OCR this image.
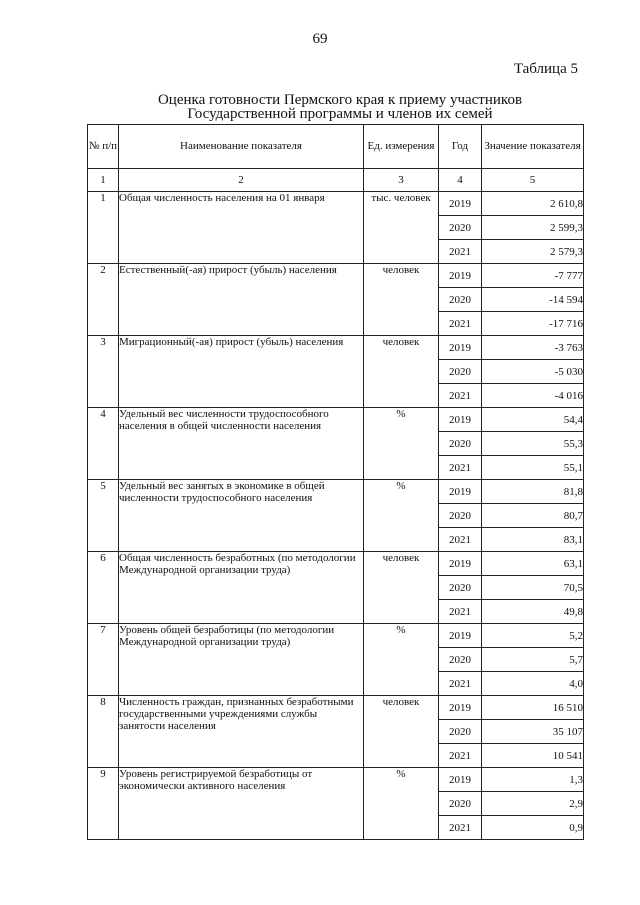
69
Таблица 5
Оценка готовности Пермского края к приему участников
Государственной программы и членов их семей
№ п/п	Наименование показателя	Ед. измерения	Год	Значение показателя
1	2	3	4	5
1	Общая численность населения на 01 января	тыс. человек	2019	2 610,8
			2020	2 599,3
			2021	2 579,3
2	Естественный(-ая) прирост (убыль) населения	человек	2019	-7 777
			2020	-14 594
			2021	-17 716
3	Миграционный(-ая) прирост (убыль) населения	человек	2019	-3 763
			2020	-5 030
			2021	-4 016
4	Удельный вес численности трудоспособного населения в общей численности населения	%	2019	54,4
			2020	55,3
			2021	55,1
5	Удельный вес занятых в экономике в общей численности трудоспособного населения	%	2019	81,8
			2020	80,7
			2021	83,1
6	Общая численность безработных (по методологии Международной организации труда)	человек	2019	63,1
			2020	70,5
			2021	49,8
7	Уровень общей безработицы (по методологии Международной организации труда)	%	2019	5,2
			2020	5,7
			2021	4,0
8	Численность граждан, признанных безработными государственными учреждениями службы занятости населения	человек	2019	16 510
			2020	35 107
			2021	10 541
9	Уровень регистрируемой безработицы от экономически активного населения	%	2019	1,3
			2020	2,9
			2021	0,9
